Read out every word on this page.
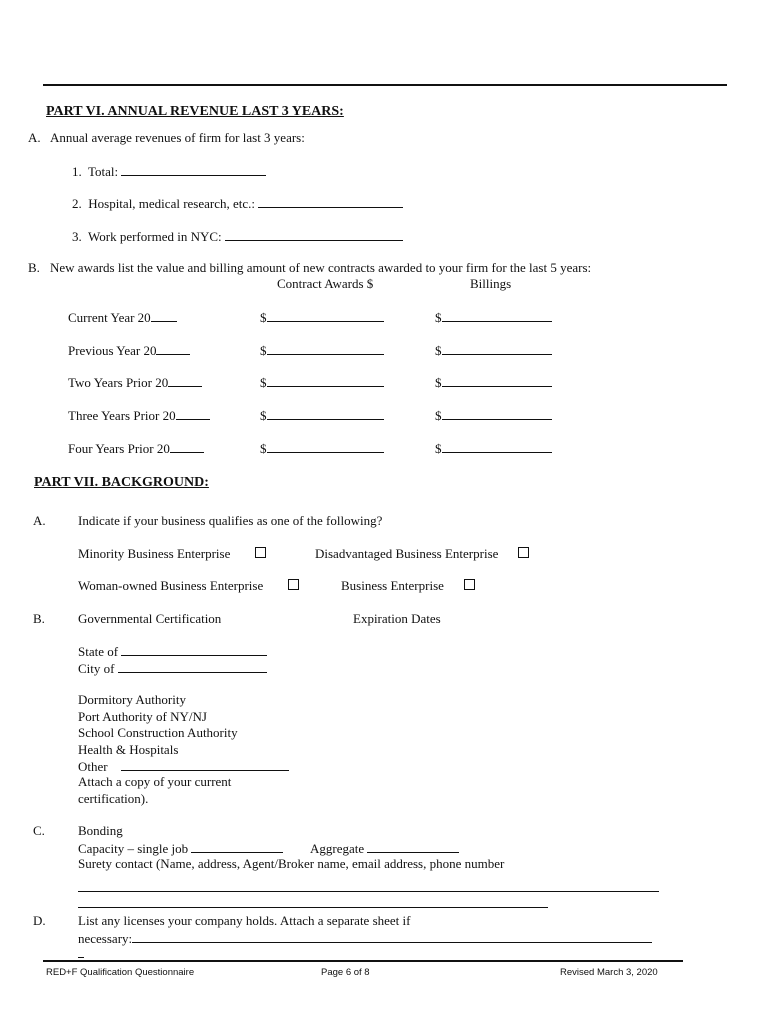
PART VI. ANNUAL REVENUE LAST 3 YEARS:
A. Annual average revenues of firm for last 3 years:
1. Total:
2. Hospital, medical research, etc.:
3. Work performed in NYC:
B. New awards list the value and billing amount of new contracts awarded to your firm for the last 5 years:
Contract Awards $	Billings
Current Year 20	$	$
Previous Year 20	$	$
Two Years Prior 20	$	$
Three Years Prior 20	$	$
Four Years Prior 20	$	$
PART VII. BACKGROUND:
A. Indicate if your business qualifies as one of the following?
Minority Business Enterprise	Disadvantaged Business Enterprise
Woman-owned Business Enterprise	Business Enterprise
B.	Governmental Certification	Expiration Dates
State of
City of
Dormitory Authority
Port Authority of NY/NJ
School Construction Authority
Health & Hospitals
Other
Attach a copy of your current
certification).
C.	Bonding
Capacity – single job	Aggregate
Surety contact (Name, address, Agent/Broker name, email address, phone number
D. List any licenses your company holds. Attach a separate sheet if
necessary:
RED+F Qualification Questionnaire	Page 6 of 8	Revised March 3, 2020
